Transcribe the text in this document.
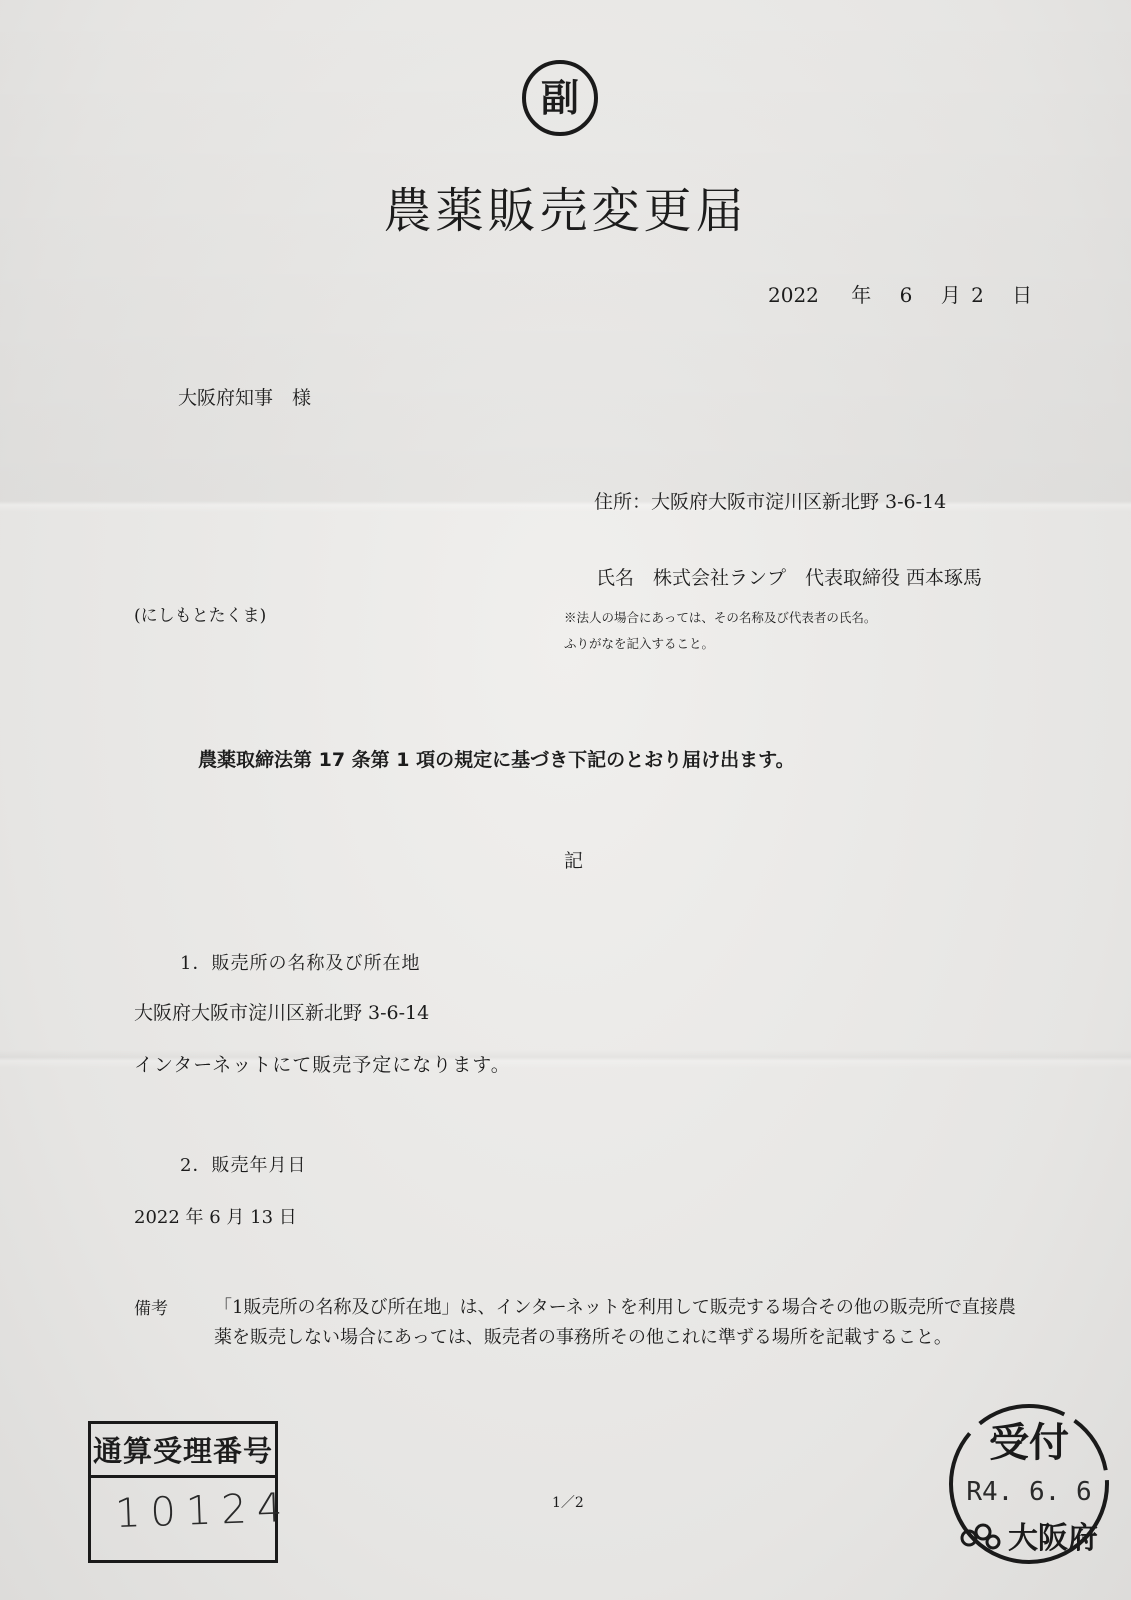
副
農薬販売変更届
2022 年 6 月 2 日
大阪府知事　様
住所：大阪府大阪市淀川区新北野 3-6-14
氏名　株式会社ランプ　代表取締役 西本琢馬
(にしもとたくま)	※法人の場合にあっては、その名称及び代表者の氏名。
ふりがなを記入すること。
農薬取締法第 17 条第 1 項の規定に基づき下記のとおり届け出ます。
記
1．販売所の名称及び所在地
大阪府大阪市淀川区新北野 3-6-14
インターネットにて販売予定になります。
2．販売年月日
2022 年 6 月 13 日
備考	「1販売所の名称及び所在地」は、インターネットを利用して販売する場合その他の販売所で直接農薬を販売しない場合にあっては、販売者の事務所その他これに準ずる場所を記載すること。
通算受理番号
10124	1／2
受付
R4. 6. 6
大阪府
